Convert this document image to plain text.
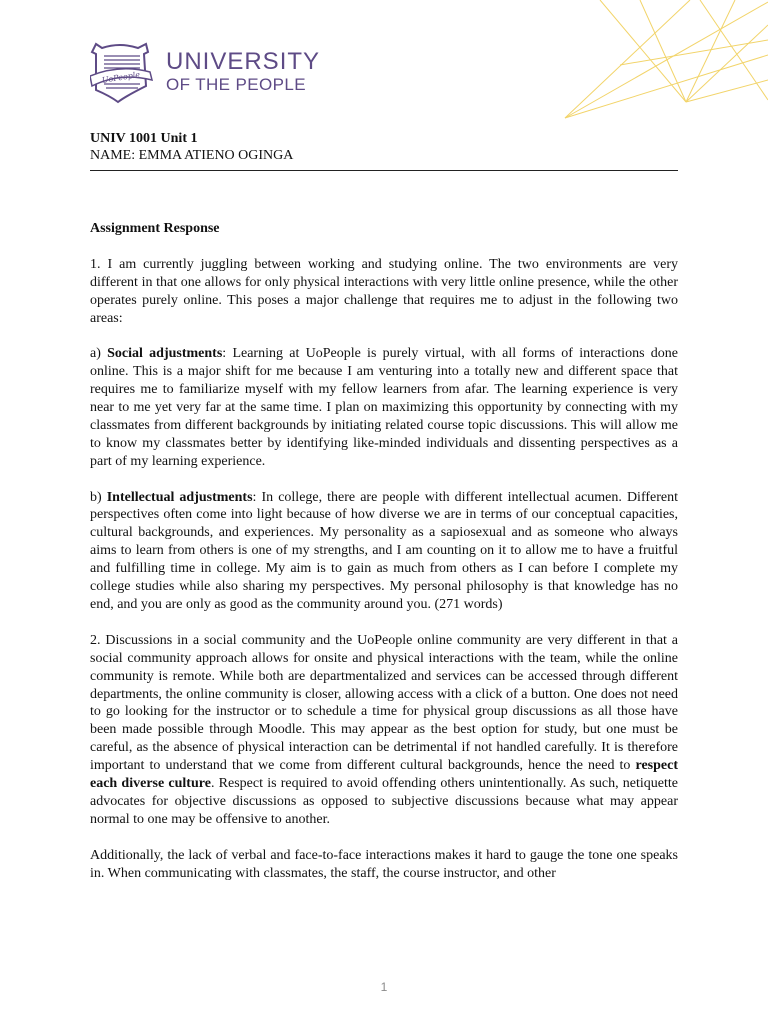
UoPeople
UNIVERSITY
OF THE PEOPLE
UNIV 1001 Unit 1
NAME: EMMA ATIENO OGINGA

Assignment Response

1. I am currently juggling between working and studying online. The two environments are very different in that one allows for only physical interactions with very little online presence, while the other operates purely online. This poses a major challenge that requires me to adjust in the following two areas:

a) Social adjustments: Learning at UoPeople is purely virtual, with all forms of interactions done online. This is a major shift for me because I am venturing into a totally new and different space that requires me to familiarize myself with my fellow learners from afar. The learning experience is very near to me yet very far at the same time. I plan on maximizing this opportunity by connecting with my classmates from different backgrounds by initiating related course topic discussions. This will allow me to know my classmates better by identifying like-minded individuals and dissenting perspectives as a part of my learning experience.

b) Intellectual adjustments: In college, there are people with different intellectual acumen. Different perspectives often come into light because of how diverse we are in terms of our conceptual capacities, cultural backgrounds, and experiences. My personality as a sapiosexual and as someone who always aims to learn from others is one of my strengths, and I am counting on it to allow me to have a fruitful and fulfilling time in college. My aim is to gain as much from others as I can before I complete my college studies while also sharing my perspectives. My personal philosophy is that knowledge has no end, and you are only as good as the community around you. (271 words)

2. Discussions in a social community and the UoPeople online community are very different in that a social community approach allows for onsite and physical interactions with the team, while the online community is remote. While both are departmentalized and services can be accessed through different departments, the online community is closer, allowing access with a click of a button. One does not need to go looking for the instructor or to schedule a time for physical group discussions as all those have been made possible through Moodle. This may appear as the best option for study, but one must be careful, as the absence of physical interaction can be detrimental if not handled carefully. It is therefore important to understand that we come from different cultural backgrounds, hence the need to respect each diverse culture. Respect is required to avoid offending others unintentionally. As such, netiquette advocates for objective discussions as opposed to subjective discussions because what may appear normal to one may be offensive to another.

Additionally, the lack of verbal and face-to-face interactions makes it hard to gauge the tone one speaks in. When communicating with classmates, the staff, the course instructor, and other

1
